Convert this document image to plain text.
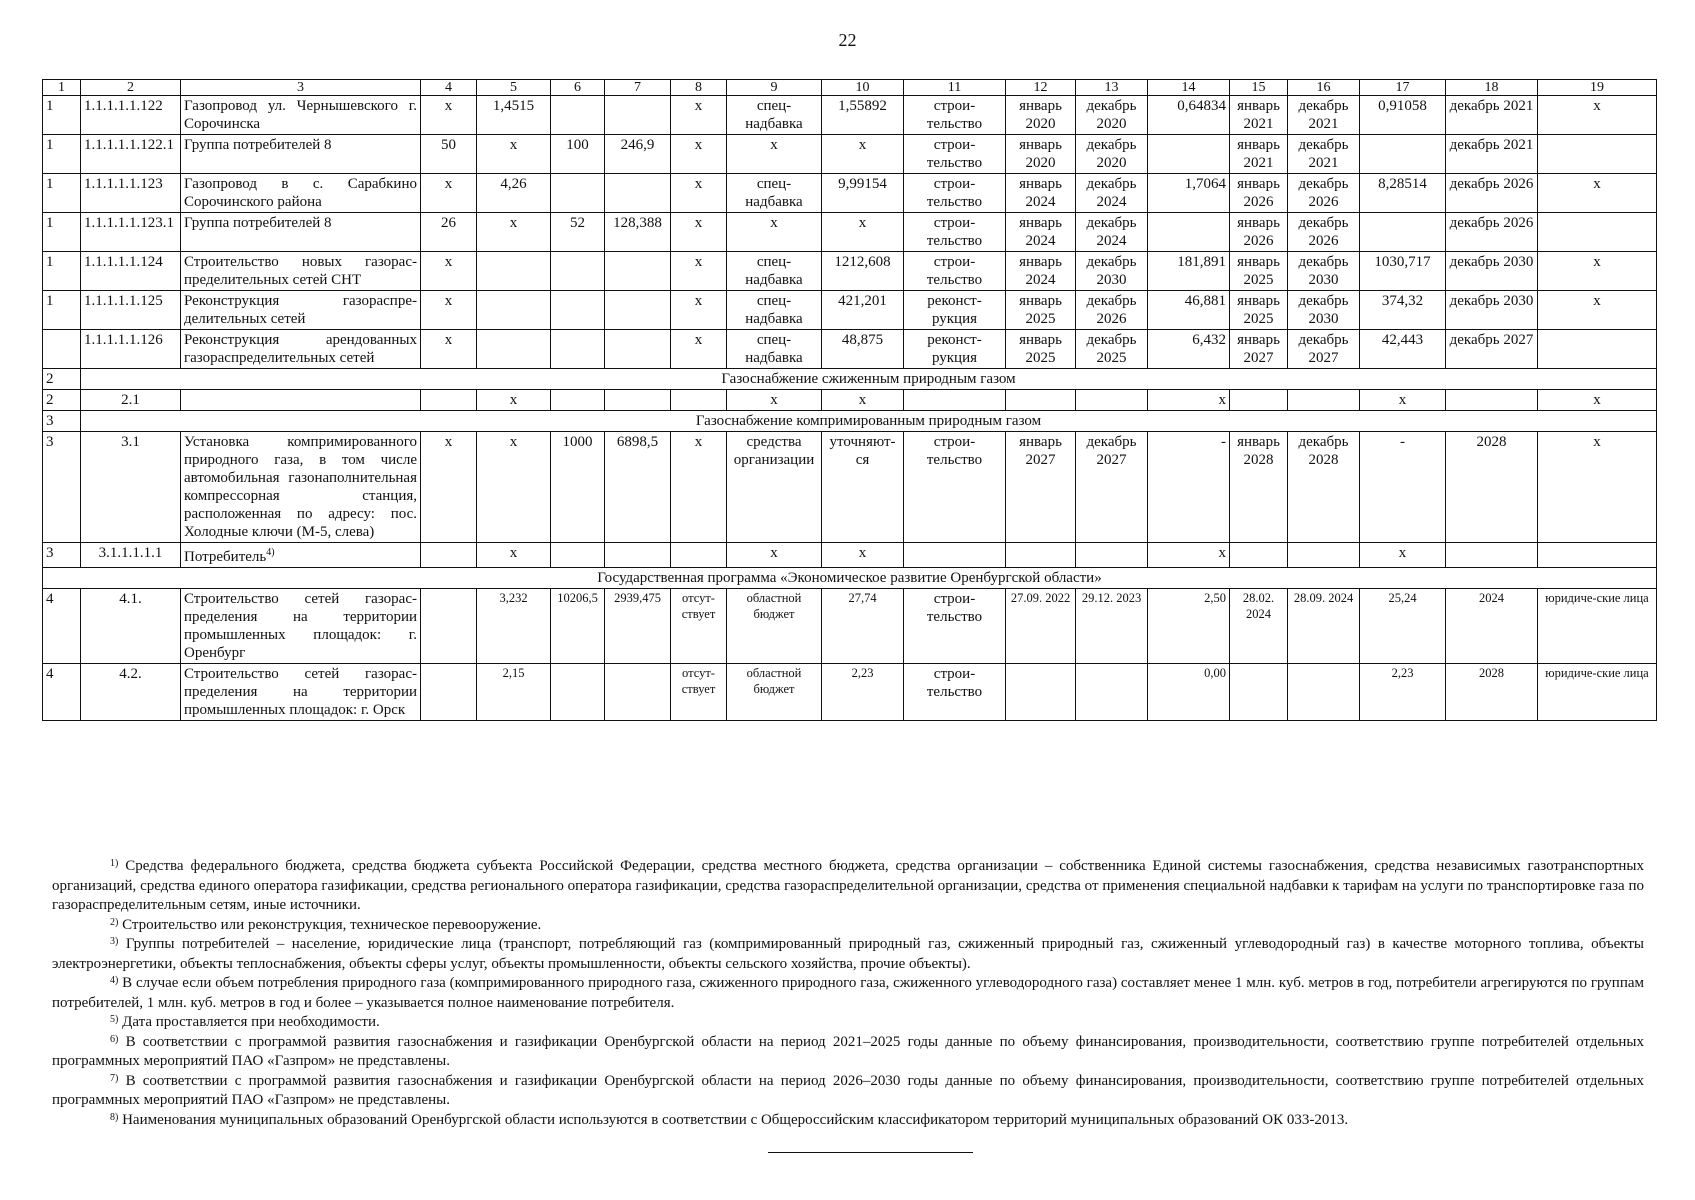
22
1	2	3	4	5	6	7	8	9	10	11	12	13	14	15	16	17	18	19
1	1.1.1.1.1.122	Газопровод ул. Чернышевского г. Сорочинска	х	1,4515			х	спец-надбавка	1,55892	строи-тельство	январь 2020	декабрь 2020	0,64834	январь 2021	декабрь 2021	0,91058	декабрь 2021	х
1	1.1.1.1.1.122.1	Группа потребителей 8	50	х	100	246,9	х	х	х	строи-тельство	январь 2020	декабрь 2020		январь 2021	декабрь 2021		декабрь 2021	
1	1.1.1.1.1.123	Газопровод в с. Сарабкино Сорочинского района	х	4,26			х	спец-надбавка	9,99154	строи-тельство	январь 2024	декабрь 2024	1,7064	январь 2026	декабрь 2026	8,28514	декабрь 2026	х
1	1.1.1.1.1.123.1	Группа потребителей 8	26	х	52	128,388	х	х	х	строи-тельство	январь 2024	декабрь 2024		январь 2026	декабрь 2026		декабрь 2026	
1	1.1.1.1.1.124	Строительство новых газораспределительных сетей СНТ	х				х	спец-надбавка	1212,608	строи-тельство	январь 2024	декабрь 2030	181,891	январь 2025	декабрь 2030	1030,717	декабрь 2030	х
1	1.1.1.1.1.125	Реконструкция газораспределительных сетей	х				х	спец-надбавка	421,201	реконст-рукция	январь 2025	декабрь 2026	46,881	январь 2025	декабрь 2030	374,32	декабрь 2030	х
	1.1.1.1.1.126	Реконструкция арендованных газораспределительных сетей	х				х	спец-надбавка	48,875	реконст-рукция	январь 2025	декабрь 2025	6,432	январь 2027	декабрь 2027	42,443	декабрь 2027	
2	Газоснабжение сжиженным природным газом																	
2	2.1			х				х	х				х			х		х
3	Газоснабжение компримированным природным газом																	
3	3.1	Установка компримированного природного газа, в том числе автомобильная газонаполнительная компрессорная станция, расположенная по адресу: пос. Холодные ключи (М-5, слева)	х	х	1000	6898,5	х	средства организации	уточняют-ся	строи-тельство	январь 2027	декабрь 2027	-	январь 2028	декабрь 2028	-	2028	х
3	3.1.1.1.1.1	Потребитель$^{4)}$		х				х	х				х			х		
Государственная программа «Экономическое развитие Оренбургской области»																		
4	4.1.	Строительство сетей газораспределения на территории промышленных площадок: г. Оренбург		3,232	10206,5	2939,475	отсут-ствует	областной бюджет	27,74	строи-тельство	27.09. 2022	29.12. 2023	2,50	28.02. 2024	28.09. 2024	25,24	2024	юридиче-ские лица
4	4.2.	Строительство сетей газораспределения на территории промышленных площадок: г. Орск		2,15			отсут-ствует	областной бюджет	2,23	строи-тельство			0,00			2,23	2028	юридиче-ские лица

$^{1)}$ Средства федерального бюджета, средства бюджета субъекта Российской Федерации, средства местного бюджета, средства организации – собственника Единой системы газоснабжения, средства независимых газотранспортных организаций, средства единого оператора газификации, средства регионального оператора газификации, средства газораспределительной организации, средства от применения специальной надбавки к тарифам на услуги по транспортировке газа по газораспределительным сетям, иные источники.

$^{2)}$ Строительство или реконструкция, техническое перевооружение.

$^{3)}$ Группы потребителей – население, юридические лица (транспорт, потребляющий газ (компримированный природный газ, сжиженный природный газ, сжиженный углеводородный газ) в качестве моторного топлива, объекты электроэнергетики, объекты теплоснабжения, объекты сферы услуг, объекты промышленности, объекты сельского хозяйства, прочие объекты).

$^{4)}$ В случае если объем потребления природного газа (компримированного природного газа, сжиженного природного газа, сжиженного углеводородного газа) составляет менее 1 млн. куб. метров в год, потребители агрегируются по группам потребителей, 1 млн. куб. метров в год и более – указывается полное наименование потребителя.

$^{5)}$ Дата проставляется при необходимости.

$^{6)}$ В соответствии с программой развития газоснабжения и газификации Оренбургской области на период 2021–2025 годы данные по объему финансирования, производительности, соответствию группе потребителей отдельных программных мероприятий ПАО «Газпром» не представлены.

$^{7)}$ В соответствии с программой развития газоснабжения и газификации Оренбургской области на период 2026–2030 годы данные по объему финансирования, производительности, соответствию группе потребителей отдельных программных мероприятий ПАО «Газпром» не представлены.

$^{8)}$ Наименования муниципальных образований Оренбургской области используются в соответствии с Общероссийским классификатором территорий муниципальных образований ОК 033-2013.
